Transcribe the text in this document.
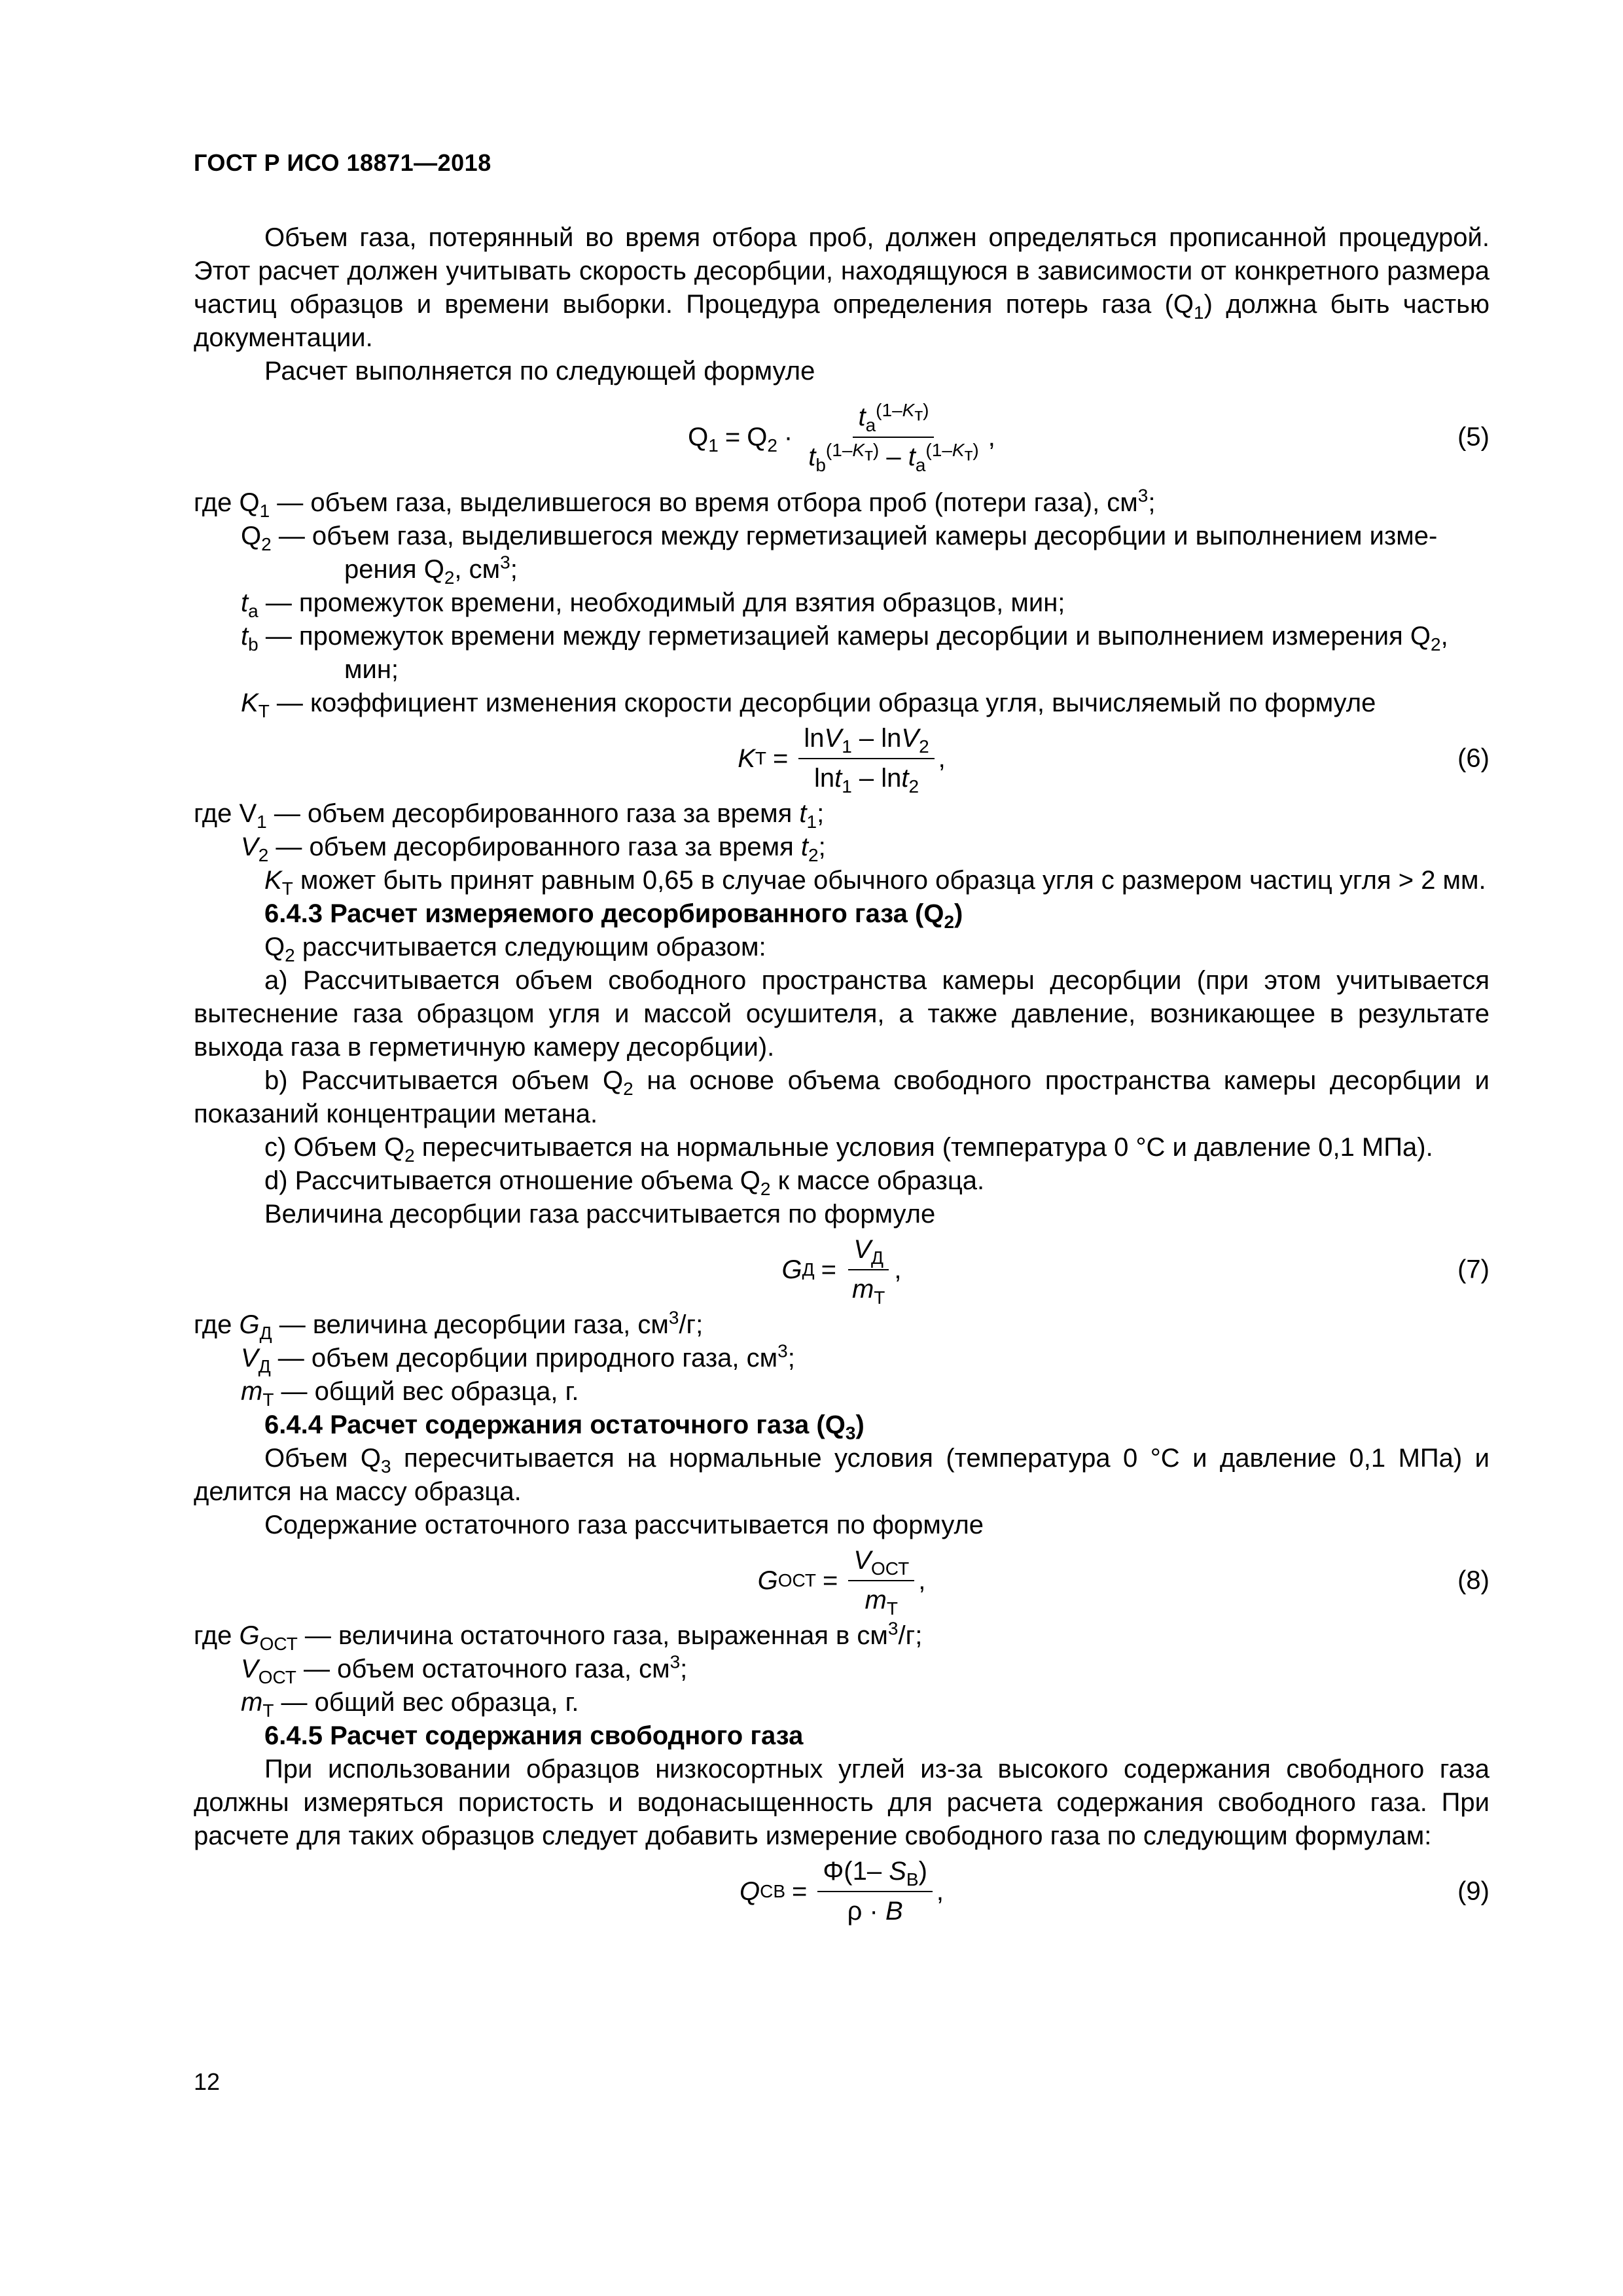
ГОСТ Р ИСО 18871—2018

Объем газа, потерянный во время отбора проб, должен определяться прописанной процедурой. Этот расчет должен учитывать скорость десорбции, находящуюся в зависимости от конкретного размера частиц образцов и времени выборки. Процедура определения потерь газа $(Q_1)$ должна быть частью документации.

Расчет выполняется по следующей формуле

$Q_1 = Q_2 \cdot \frac{t_a^{(1-K_т)}}{t_b^{(1-K_т)} - t_a^{(1-K_т)}}$ ,	(5)

где $Q_1$ — объем газа, выделившегося во время отбора проб (потери газа), $см^3$;

$Q_2$ — объем газа, выделившегося между герметизацией камеры десорбции и выполнением изме-

рения $Q_2$, $см^3$;

$t_a$ — промежуток времени, необходимый для взятия образцов, мин;

$t_b$ — промежуток времени между герметизацией камеры десорбции и выполнением измерения $Q_2$,

мин;

$K_T$ — коэффициент изменения скорости десорбции образца угля, вычисляемый по формуле

K $T = \frac{\ln V_1 - \ln V_2}{\ln t_1 - \ln t_2}$ ,	(6)

где $V_1$ — объем десорбированного газа за время $t_1$;

$V_2$ — объем десорбированного газа за время $t_2$;

$K_T$ может быть принят равным 0,65 в случае обычного образца угля с размером частиц угля > 2 мм.

6.4.3 Расчет измеряемого десорбированного газа $(Q_2)$

$Q_2$ рассчитывается следующим образом:

a) Рассчитывается объем свободного пространства камеры десорбции (при этом учитывается вытеснение газа образцом угля и массой осушителя, а также давление, возникающее в результате выхода газа в герметичную камеру десорбции).

b) Рассчитывается объем $Q_2$ на основе объема свободного пространства камеры десорбции и показаний концентрации метана.

c) Объем $Q_2$ пересчитывается на нормальные условия (температура 0 °C и давление 0,1 МПа).

d) Рассчитывается отношение объема $Q_2$ к массе образца.

Величина десорбции газа рассчитывается по формуле

G $Д = \frac{V_Д}{m_T}$ ,	(7)

где $G_Д$ — величина десорбции газа, $см^3/г$;

$V_Д$ — объем десорбции природного газа, $см^3$;

$m_T$ — общий вес образца, г.

6.4.4 Расчет содержания остаточного газа $(Q_3)$

Объем $Q_3$ пересчитывается на нормальные условия (температура 0 °C и давление 0,1 МПа) и делится на массу образца.

Содержание остаточного газа рассчитывается по формуле

G ОСТ = $\frac{V_{ОСТ}}{m_T}$ ,	(8)

где $G_{ОСТ}$ — величина остаточного газа, выраженная в $см^3/г$;

$V_{ОСТ}$ — объем остаточного газа, $см^3$;

$m_T$ — общий вес образца, г.

6.4.5 Расчет содержания свободного газа

При использовании образцов низкосортных углей из-за высокого содержания свободного газа должны измеряться пористость и водонасыщенность для расчета содержания свободного газа. При расчете для таких образцов следует добавить измерение свободного газа по следующим формулам:

Q СВ = $\frac{\Phi(1- S_В)}{\rho \cdot B}$ ,	(9)
12
